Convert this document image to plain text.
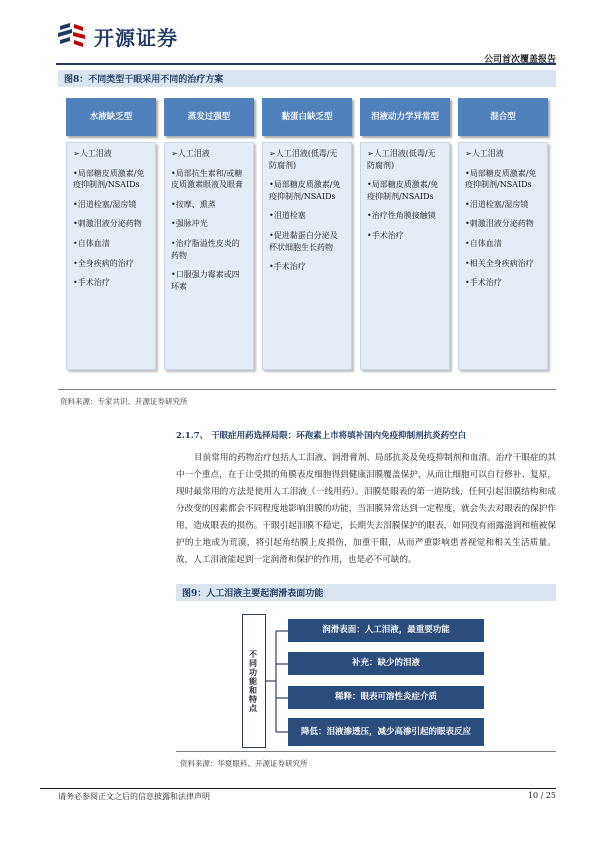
开源证券
公司首次覆盖报告
图8：不同类型干眼采用不同的治疗方案
水液缺乏型
➢人工泪液
•局部糖皮质激素/免疫抑制剂/NSAIDs
•泪道栓塞/湿房镜
•刺激泪液分泌药物
•自体血清
•全身疾病的治疗
•手术治疗
蒸发过强型
➢人工泪液
•局部抗生素和/或糖皮质激素眼液及眼膏
•按摩、熏蒸
•强脉冲光
•治疗脂溢性皮炎的药物
•口服强力霉素或四环素
黏蛋白缺乏型
➢人工泪液(低毒/无防腐剂)
•局部糖皮质激素/免疫抑制剂/NSAIDs
•泪道栓塞
•促进黏蛋白分泌及杯状细胞生长药物
•手术治疗
泪液动力学异常型
➢人工泪液(低毒/无防腐剂)
•局部糖皮质激素/免疫抑制剂/NSAIDs
•治疗性角膜接触镜
•手术治疗
混合型
➢人工泪液
•局部糖皮质激素/免疫抑制剂/NSAIDs
•泪道栓塞/湿房镜
•刺激泪液分泌药物
•自体血清
•相关全身疾病治疗
•手术治疗
资料来源：专家共识、开源证券研究所
2.1.7、 干眼症用药选择局限：环孢素上市将填补国内免疫抑制剂抗炎药空白

目前常用的药物治疗包括人工泪液、润滑膏剂、局部抗炎及免疫抑制剂和血清。治疗干眼症的其中一个重点，在于让受损的角膜表皮细胞得到健康泪膜覆盖保护，从而让细胞可以自行修补、复原，现时最常用的方法是使用人工泪液（一线用药）。泪膜是眼表的第一道防线，任何引起泪膜结构和成分改变的因素都会不同程度地影响泪膜的功能，当泪膜异常达到一定程度，就会失去对眼表的保护作用，造成眼表的损伤。干眼引起泪膜不稳定，长期失去泪膜保护的眼表，如同没有雨露滋润和植被保护的土地成为荒漠，将引起角结膜上皮损伤，加重干眼，从而严重影响患者视觉和相关生活质量。故，人工泪液能起到一定润滑和保护的作用，也是必不可缺的。

图9：人工泪液主要起润滑表面功能
不同功能和特点
润滑表面：人工泪液，最重要功能
补充：缺少的泪液
稀释：眼表可溶性炎症介质
降低：泪液渗透压，减少高渗引起的眼表反应
资料来源：华夏眼科、开源证券研究所
请务必参阅正文之后的信息披露和法律声明	10 / 25
